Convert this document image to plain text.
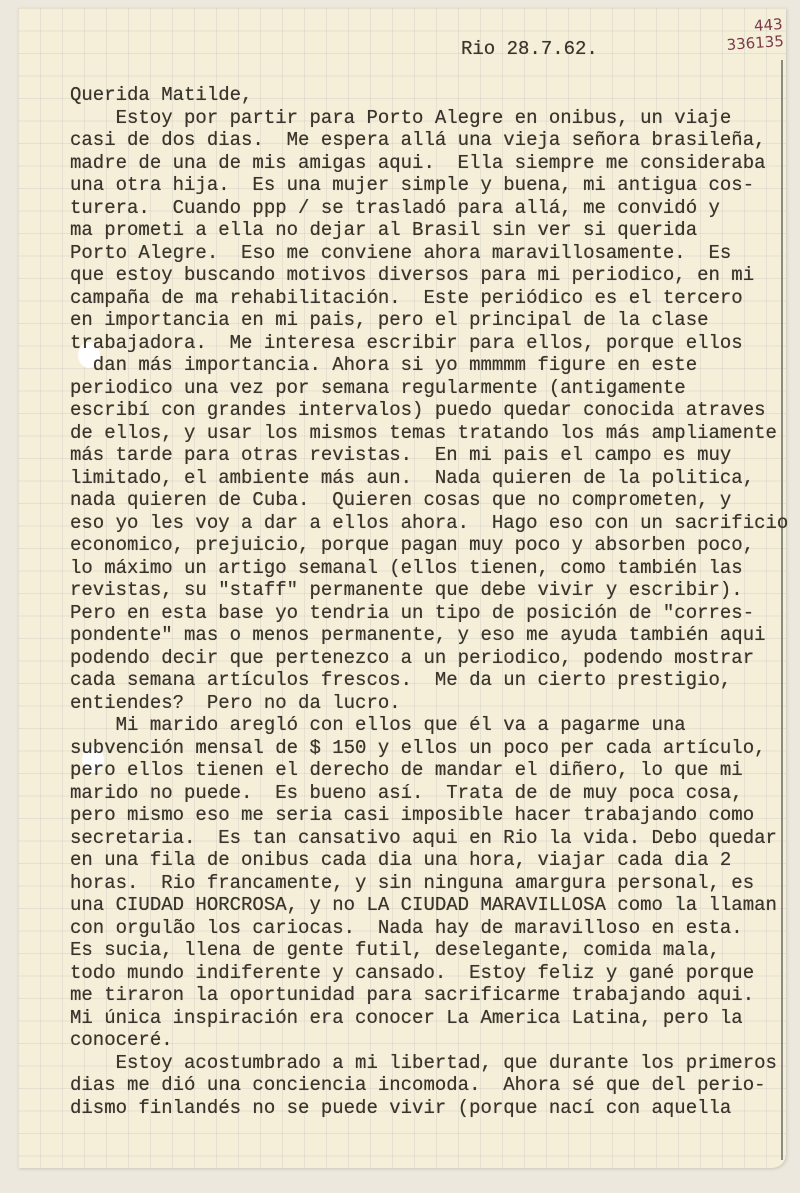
443
336135
Rio 28.7.62.
Querida Matilde,
Estoy por partir para Porto Alegre en onibus, un viaje
casi de dos dias.  Me espera allá una vieja señora brasileña,
madre de una de mis amigas aqui.  Ella siempre me consideraba
una otra hija.  Es una mujer simple y buena, mi antigua cos-
turera.  Cuando ppp / se trasladó para allá, me convidó y
ma prometi a ella no dejar al Brasil sin ver si querida
Porto Alegre.  Eso me conviene ahora maravillosamente.  Es
que estoy buscando motivos diversos para mi periodico, en mi
campaña de ma rehabilitación.  Este periódico es el tercero
en importancia en mi pais, pero el principal de la clase
trabajadora.  Me interesa escribir para ellos, porque ellos
dan más importancia. Ahora si yo mmmmm figure en este
periodico una vez por semana regularmente (antigamente
escribí con grandes intervalos) puedo quedar conocida atraves
de ellos, y usar los mismos temas tratando los más ampliamente
más tarde para otras revistas.  En mi pais el campo es muy
limitado, el ambiente más aun.  Nada quieren de la politica,
nada quieren de Cuba.  Quieren cosas que no comprometen, y
eso yo les voy a dar a ellos ahora.  Hago eso con un sacrificio
economico, prejuicio, porque pagan muy poco y absorben poco,
lo máximo un artigo semanal (ellos tienen, como también las
revistas, su "staff" permanente que debe vivir y escribir).
Pero en esta base yo tendria un tipo de posición de "corres-
pondente" mas o menos permanente, y eso me ayuda también aqui
podendo decir que pertenezco a un periodico, podendo mostrar
cada semana artículos frescos.  Me da un cierto prestigio,
entiendes?  Pero no da lucro.
Mi marido aregló con ellos que él va a pagarme una
subvención mensal de $ 150 y ellos un poco per cada artículo,
pero ellos tienen el derecho de mandar el diñero, lo que mi
marido no puede.  Es bueno así.  Trata de de muy poca cosa,
pero mismo eso me seria casi imposible hacer trabajando como
secretaria.  Es tan cansativo aqui en Rio la vida. Debo quedar
en una fila de onibus cada dia una hora, viajar cada dia 2
horas.  Rio francamente, y sin ninguna amargura personal, es
una CIUDAD HORCROSA, y no LA CIUDAD MARAVILLOSA como la llaman
con orgulão los cariocas.  Nada hay de maravilloso en esta.
Es sucia, llena de gente futil, deselegante, comida mala,
todo mundo indiferente y cansado.  Estoy feliz y gané porque
me tiraron la oportunidad para sacrificarme trabajando aqui.
Mi única inspiración era conocer La America Latina, pero la
conoceré.
Estoy acostumbrado a mi libertad, que durante los primeros
dias me dió una conciencia incomoda.  Ahora sé que del perio-
dismo finlandés no se puede vivir (porque nací con aquella
